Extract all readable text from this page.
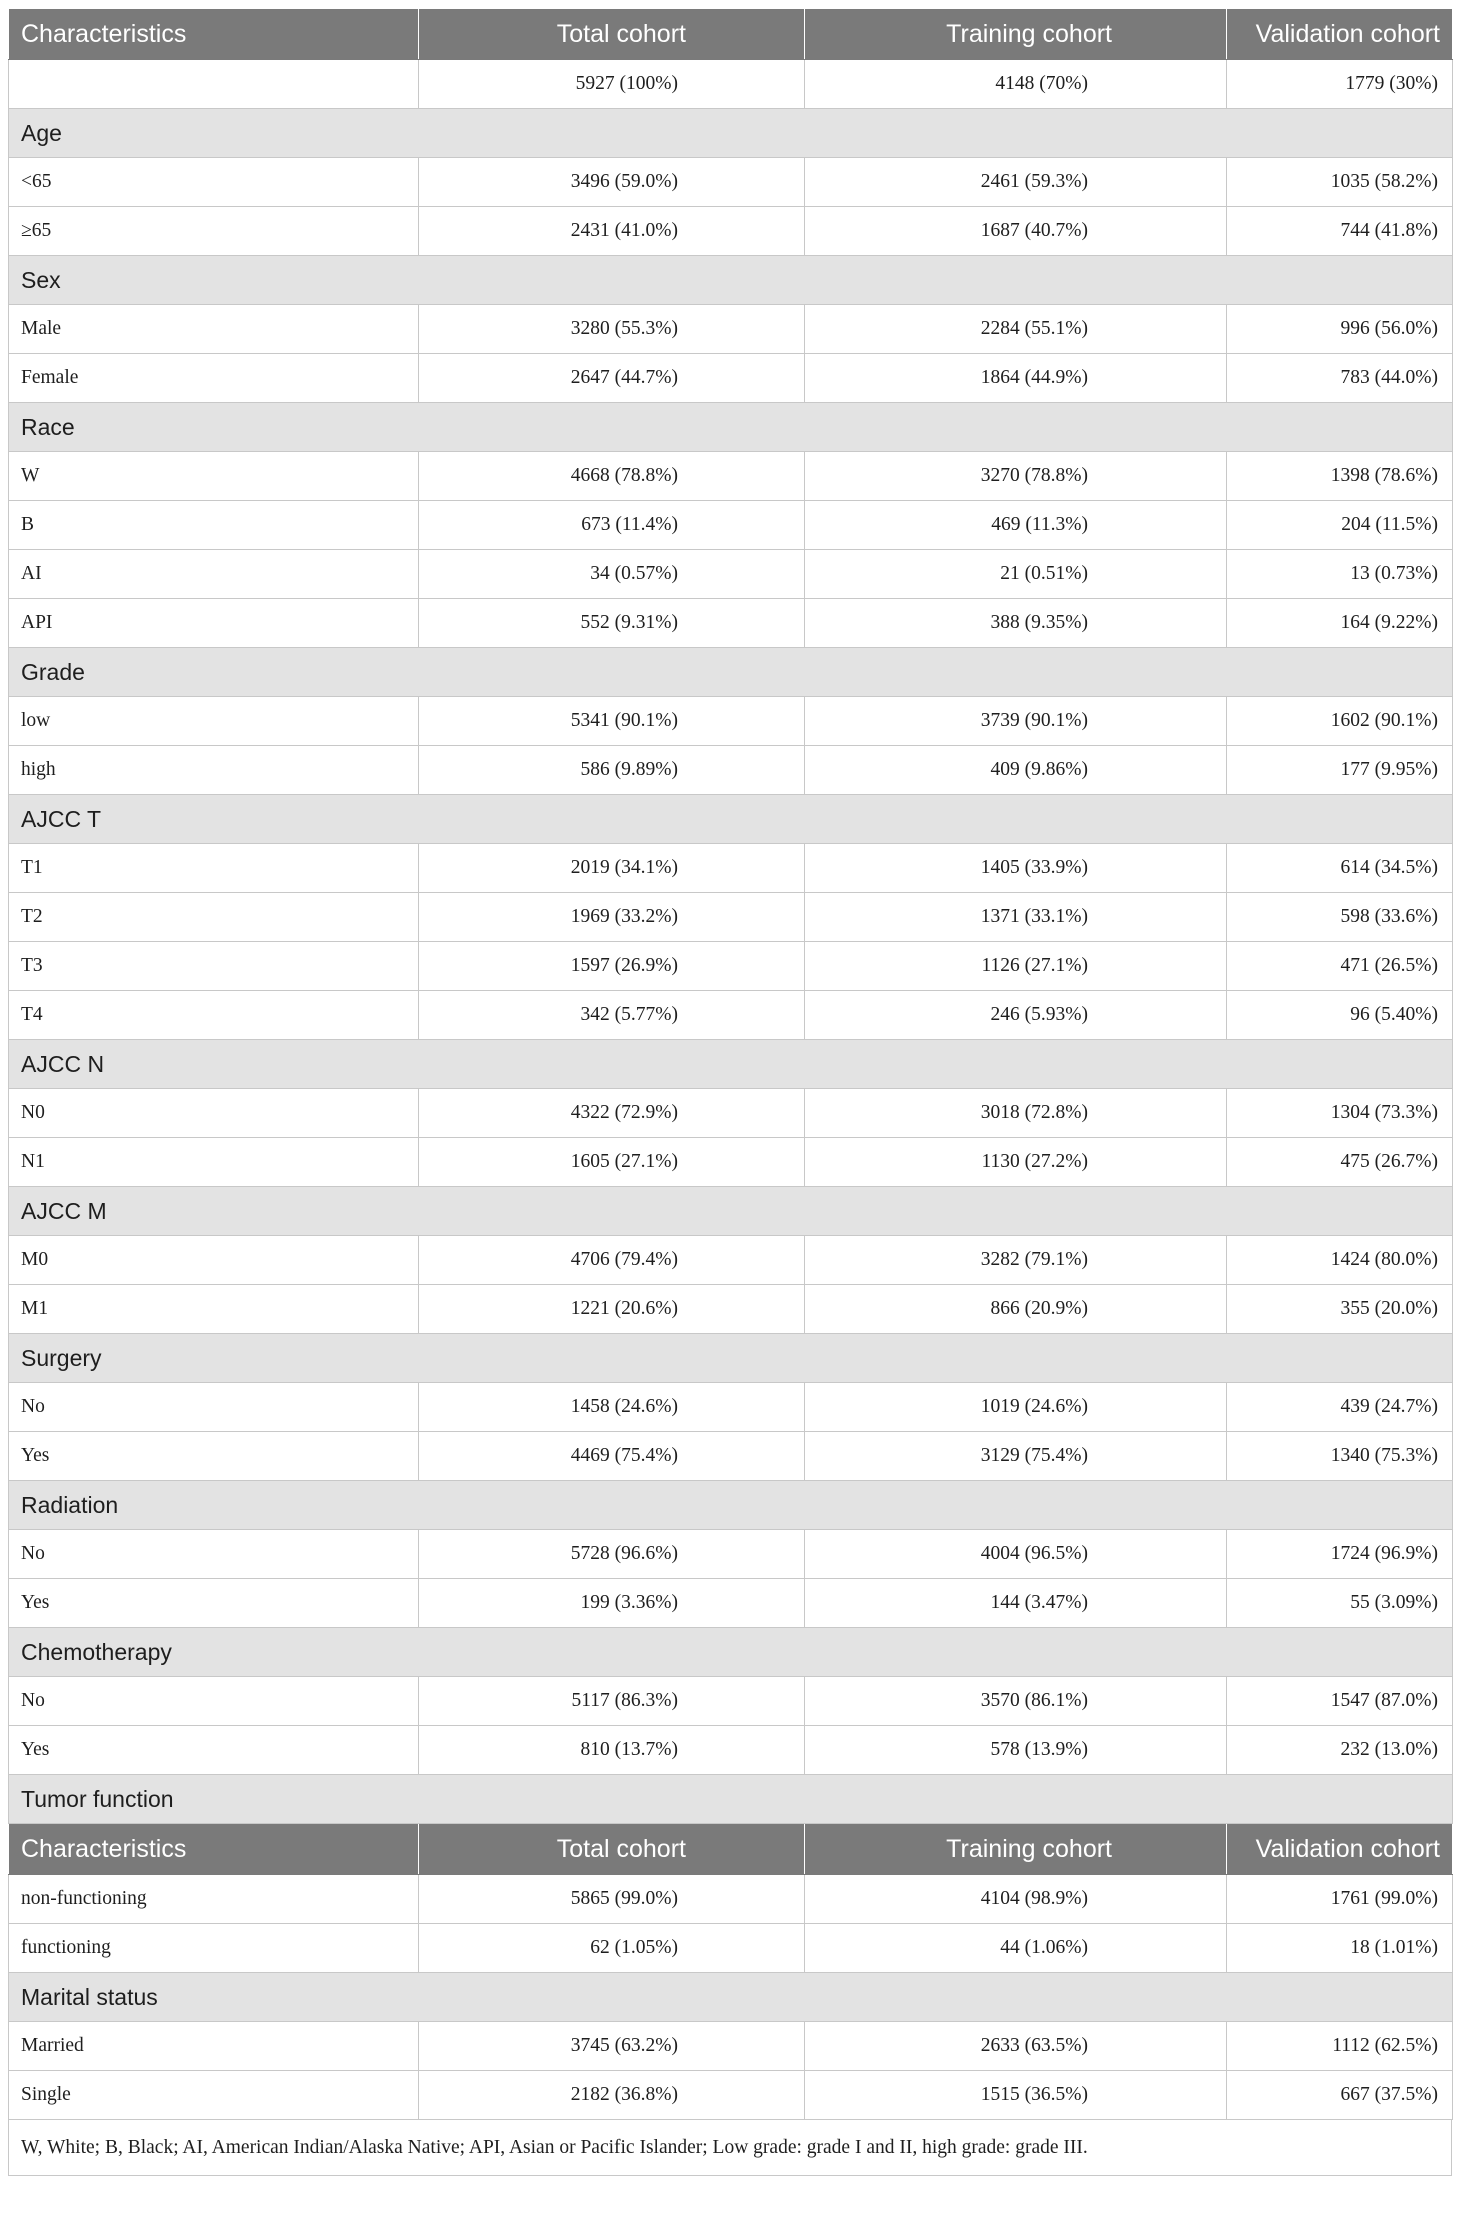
Characteristics	Total cohort	Training cohort	Validation cohort
	5927 (100%)	4148 (70%)	1779 (30%)
Age			
<65	3496 (59.0%)	2461 (59.3%)	1035 (58.2%)
≥65	2431 (41.0%)	1687 (40.7%)	744 (41.8%)
Sex			
Male	3280 (55.3%)	2284 (55.1%)	996 (56.0%)
Female	2647 (44.7%)	1864 (44.9%)	783 (44.0%)
Race			
W	4668 (78.8%)	3270 (78.8%)	1398 (78.6%)
B	673 (11.4%)	469 (11.3%)	204 (11.5%)
AI	34 (0.57%)	21 (0.51%)	13 (0.73%)
API	552 (9.31%)	388 (9.35%)	164 (9.22%)
Grade			
low	5341 (90.1%)	3739 (90.1%)	1602 (90.1%)
high	586 (9.89%)	409 (9.86%)	177 (9.95%)
AJCC T			
T1	2019 (34.1%)	1405 (33.9%)	614 (34.5%)
T2	1969 (33.2%)	1371 (33.1%)	598 (33.6%)
T3	1597 (26.9%)	1126 (27.1%)	471 (26.5%)
T4	342 (5.77%)	246 (5.93%)	96 (5.40%)
AJCC N			
N0	4322 (72.9%)	3018 (72.8%)	1304 (73.3%)
N1	1605 (27.1%)	1130 (27.2%)	475 (26.7%)
AJCC M			
M0	4706 (79.4%)	3282 (79.1%)	1424 (80.0%)
M1	1221 (20.6%)	866 (20.9%)	355 (20.0%)
Surgery			
No	1458 (24.6%)	1019 (24.6%)	439 (24.7%)
Yes	4469 (75.4%)	3129 (75.4%)	1340 (75.3%)
Radiation			
No	5728 (96.6%)	4004 (96.5%)	1724 (96.9%)
Yes	199 (3.36%)	144 (3.47%)	55 (3.09%)
Chemotherapy			
No	5117 (86.3%)	3570 (86.1%)	1547 (87.0%)
Yes	810 (13.7%)	578 (13.9%)	232 (13.0%)
Tumor function			
Characteristics	Total cohort	Training cohort	Validation cohort
non-functioning	5865 (99.0%)	4104 (98.9%)	1761 (99.0%)
functioning	62 (1.05%)	44 (1.06%)	18 (1.01%)
Marital status			
Married	3745 (63.2%)	2633 (63.5%)	1112 (62.5%)
Single	2182 (36.8%)	1515 (36.5%)	667 (37.5%)
W, White; B, Black; AI, American Indian/Alaska Native; API, Asian or Pacific Islander; Low grade: grade I and II, high grade: grade III.
